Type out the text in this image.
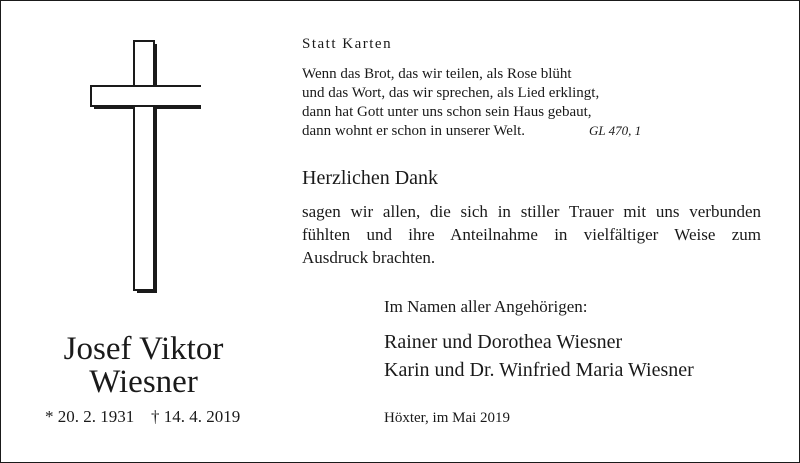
Josef Viktor
Wiesner
* 20. 2. 1931 † 14. 4. 2019
Statt Karten
Wenn das Brot, das wir teilen, als Rose blüht
und das Wort, das wir sprechen, als Lied erklingt,
dann hat Gott unter uns schon sein Haus gebaut,
dann wohnt er schon in unserer Welt.	GL 470, 1
Herzlichen Dank
sagen wir allen, die sich in stiller Trauer mit uns verbunden
fühlten und ihre Anteilnahme in vielfältiger Weise zum
Ausdruck brachten.
Im Namen aller Angehörigen:
Rainer und Dorothea Wiesner
Karin und Dr. Winfried Maria Wiesner
Höxter, im Mai 2019
